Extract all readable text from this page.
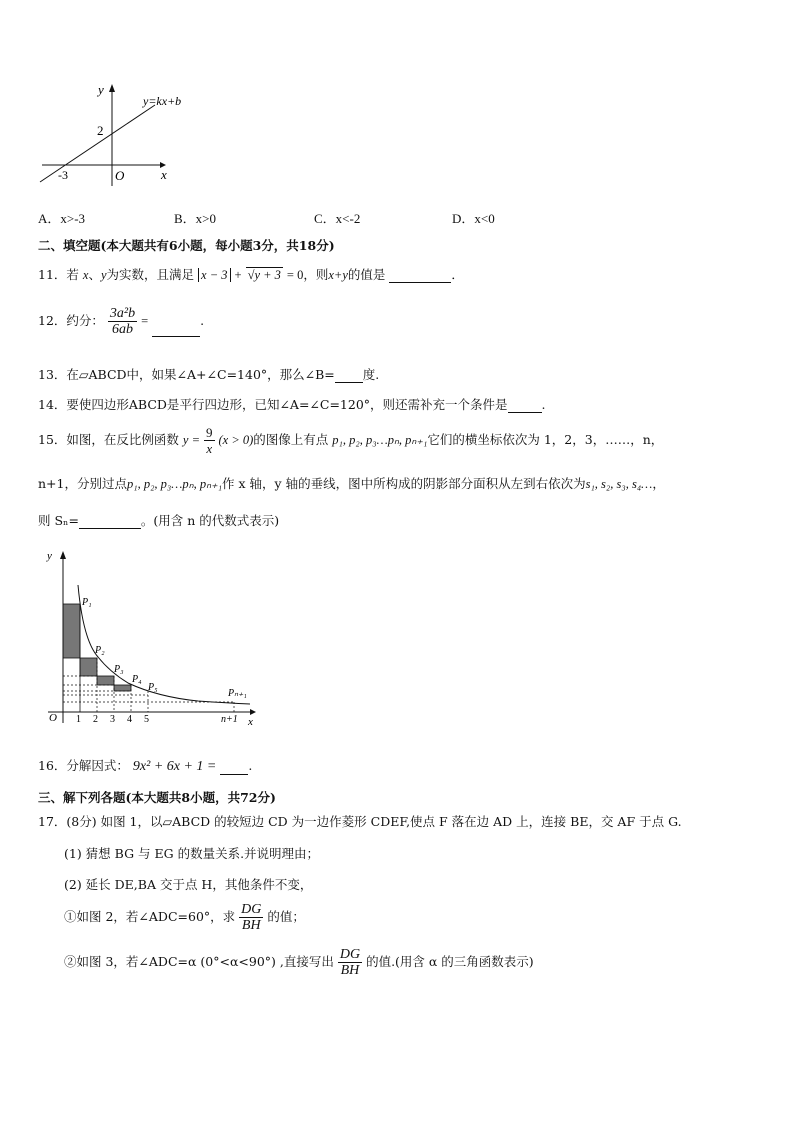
y
x
y=kx+b
2
-3	O
A．x>-3	B．x>0	C．x<-2	D．x<0
二、填空题(本大题共有6小题，每小题3分，共18分)
11．若 x、y为实数，且满足 x − 3 + √y + 3 = 0，则x+y的值是	．
12．约分： $\frac{\text{3a²b}}{6ab}$ =	.
13．在▱ABCD中，如果∠A+∠C=140°，那么∠B= 度.
14．要使四边形ABCD是平行四边形，已知∠A=∠C=120°，则还需补充一个条件是	.
15．如图，在反比例函数 $y = \frac{9}{x} (x > 0)$的图像上有点 p₁, p₂, p₃…pₙ, pₙ₊₁它们的横坐标依次为 1，2，3，……，n，
n+1，分别过点p₁, p₂, p₃…pₙ, pₙ₊₁作 x 轴，y 轴的垂线，图中所构成的阴影部分面积从左到右依次为s₁, s₂, s₃, s₄…，
则 Sₙ=	。(用含 n 的代数式表示)
y
x
O 1 2 3 4 5	n+1
P₁
P₂
P₃
P₄
P₅
Pₙ₊₁
16．分解因式： 9x² + 6x + 1 =	.
三、解下列各题(本大题共8小题，共72分)
17．(8分) 如图 1，以▱ABCD 的较短边 CD 为一边作菱形 CDEF,使点 F 落在边 AD 上，连接 BE，交 AF 于点 G.
(1) 猜想 BG 与 EG 的数量关系.并说明理由；
(2) 延长 DE,BA 交于点 H，其他条件不变，
①如图 2，若∠ADC=60°，求 $\frac{DG}{BH}$ 的值；
②如图 3，若∠ADC=α (0°<α<90°) ,直接写出 $\frac{DG}{BH}$ 的值.(用含 α 的三角函数表示)
